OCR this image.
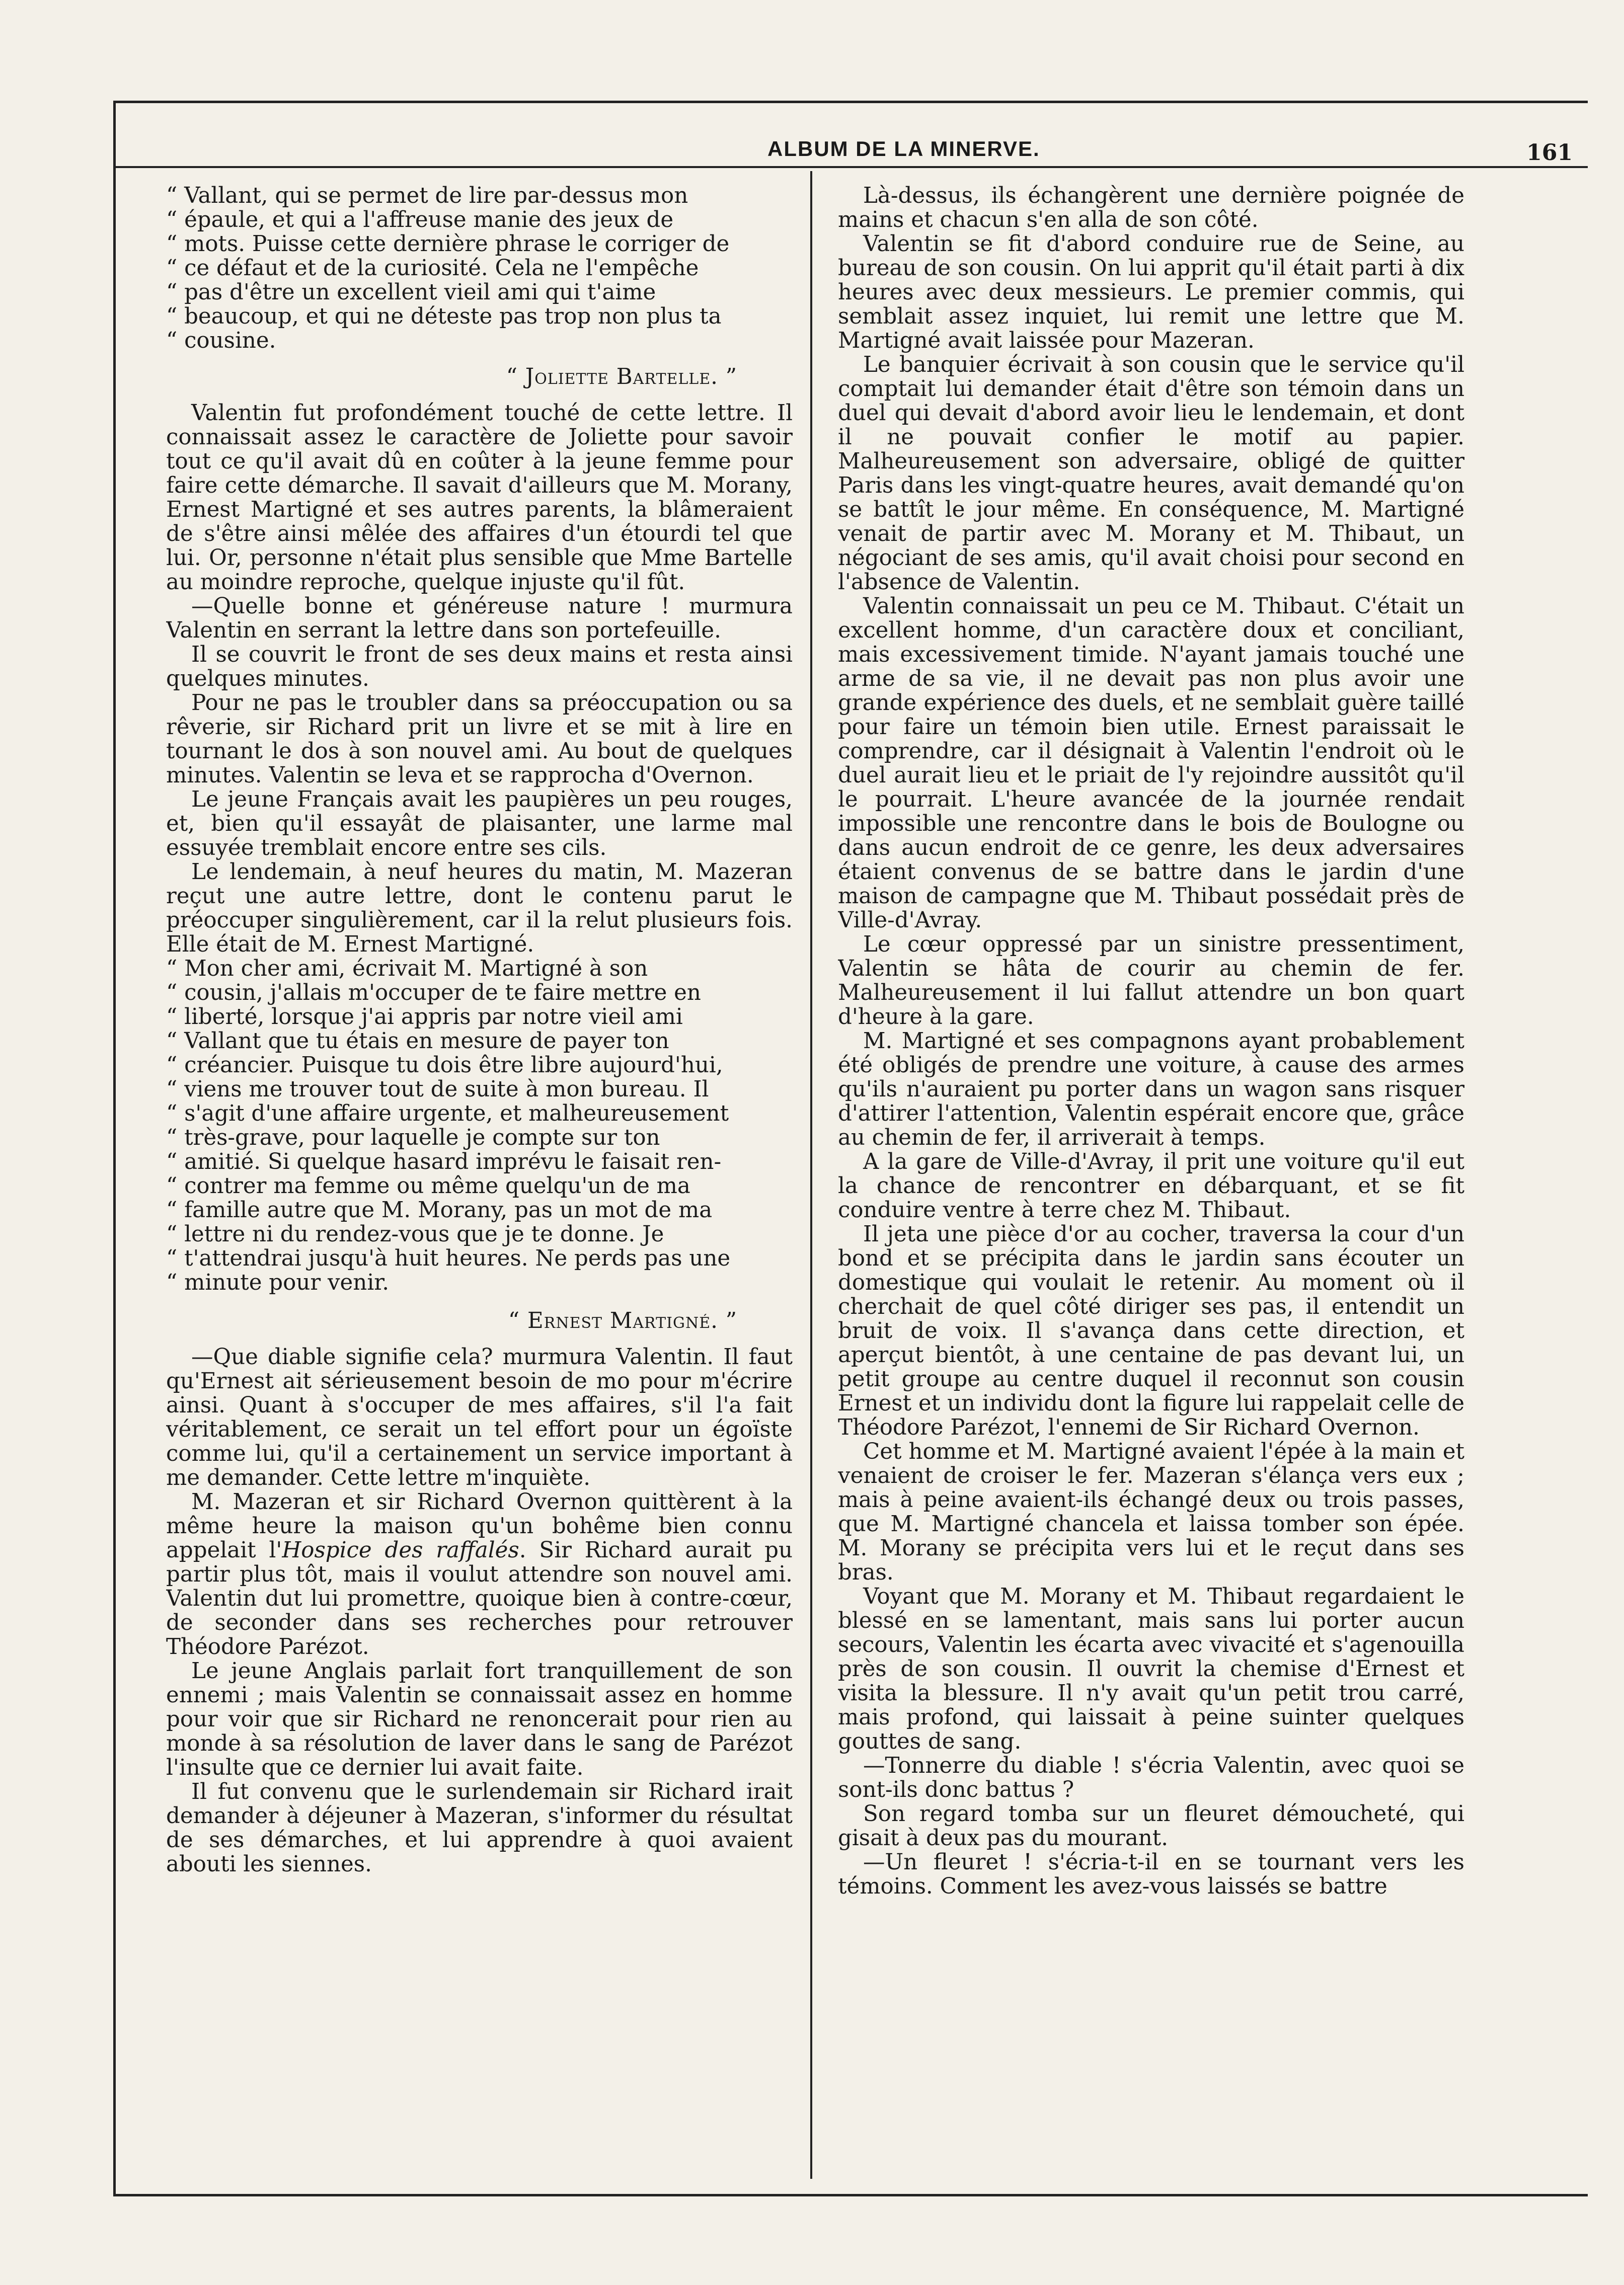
ALBUM DE LA MINERVE.	161

“ Vallant, qui se permet de lire par-dessus mon
“ épaule, et qui a l'affreuse manie des jeux de
“ mots. Puisse cette dernière phrase le corriger de
“ ce défaut et de la curiosité. Cela ne l'empêche
“ pas d'être un excellent vieil ami qui t'aime
“ beaucoup, et qui ne déteste pas trop non plus ta
“ cousine.

“ Joliette Bartelle. ”

Valentin fut profondément touché de cette lettre. Il connaissait assez le caractère de Joliette pour savoir tout ce qu'il avait dû en coûter à la jeune femme pour faire cette démarche. Il savait d'ailleurs que M. Morany, Ernest Martigné et ses autres parents, la blâmeraient de s'être ainsi mêlée des affaires d'un étourdi tel que lui. Or, personne n'était plus sensible que Mme Bartelle au moindre reproche, quelque injuste qu'il fût.

—Quelle bonne et généreuse nature ! murmura Valentin en serrant la lettre dans son portefeuille.

Il se couvrit le front de ses deux mains et resta ainsi quelques minutes.

Pour ne pas le troubler dans sa préoccupation ou sa rêverie, sir Richard prit un livre et se mit à lire en tournant le dos à son nouvel ami. Au bout de quelques minutes. Valentin se leva et se rapprocha d'Overnon.

Le jeune Français avait les paupières un peu rouges, et, bien qu'il essayât de plaisanter, une larme mal essuyée tremblait encore entre ses cils.

Le lendemain, à neuf heures du matin, M. Mazeran reçut une autre lettre, dont le contenu parut le préoccuper singulièrement, car il la relut plusieurs fois. Elle était de M. Ernest Martigné.

“ Mon cher ami, écrivait M. Martigné à son
“ cousin, j'allais m'occuper de te faire mettre en
“ liberté, lorsque j'ai appris par notre vieil ami
“ Vallant que tu étais en mesure de payer ton
“ créancier. Puisque tu dois être libre aujourd'hui,
“ viens me trouver tout de suite à mon bureau. Il
“ s'agit d'une affaire urgente, et malheureusement
“ très-grave, pour laquelle je compte sur ton
“ amitié. Si quelque hasard imprévu le faisait ren-
“ contrer ma femme ou même quelqu'un de ma
“ famille autre que M. Morany, pas un mot de ma
“ lettre ni du rendez-vous que je te donne. Je
“ t'attendrai jusqu'à huit heures. Ne perds pas une
“ minute pour venir.

“ Ernest Martigné. ”

—Que diable signifie cela? murmura Valentin. Il faut qu'Ernest ait sérieusement besoin de mo pour m'écrire ainsi. Quant à s'occuper de mes affaires, s'il l'a fait véritablement, ce serait un tel effort pour un égoïste comme lui, qu'il a certainement un service important à me demander. Cette lettre m'inquiète.

M. Mazeran et sir Richard Overnon quittèrent à la même heure la maison qu'un bohême bien connu appelait l'Hospice des raffalés. Sir Richard aurait pu partir plus tôt, mais il voulut attendre son nouvel ami. Valentin dut lui promettre, quoique bien à contre-cœur, de seconder dans ses recherches pour retrouver Théodore Parézot.

Le jeune Anglais parlait fort tranquillement de son ennemi ; mais Valentin se connaissait assez en homme pour voir que sir Richard ne renoncerait pour rien au monde à sa résolution de laver dans le sang de Parézot l'insulte que ce dernier lui avait faite.

Il fut convenu que le surlendemain sir Richard irait demander à déjeuner à Mazeran, s'informer du résultat de ses démarches, et lui apprendre à quoi avaient abouti les siennes.

Là-dessus, ils échangèrent une dernière poignée de mains et chacun s'en alla de son côté.

Valentin se fit d'abord conduire rue de Seine, au bureau de son cousin. On lui apprit qu'il était parti à dix heures avec deux messieurs. Le premier commis, qui semblait assez inquiet, lui remit une lettre que M. Martigné avait laissée pour Mazeran.

Le banquier écrivait à son cousin que le service qu'il comptait lui demander était d'être son témoin dans un duel qui devait d'abord avoir lieu le lendemain, et dont il ne pouvait confier le motif au papier. Malheureusement son adversaire, obligé de quitter Paris dans les vingt-quatre heures, avait demandé qu'on se battît le jour même. En conséquence, M. Martigné venait de partir avec M. Morany et M. Thibaut, un négociant de ses amis, qu'il avait choisi pour second en l'absence de Valentin.

Valentin connaissait un peu ce M. Thibaut. C'était un excellent homme, d'un caractère doux et conciliant, mais excessivement timide. N'ayant jamais touché une arme de sa vie, il ne devait pas non plus avoir une grande expérience des duels, et ne semblait guère taillé pour faire un témoin bien utile. Ernest paraissait le comprendre, car il désignait à Valentin l'endroit où le duel aurait lieu et le priait de l'y rejoindre aussitôt qu'il le pourrait. L'heure avancée de la journée rendait impossible une rencontre dans le bois de Boulogne ou dans aucun endroit de ce genre, les deux adversaires étaient convenus de se battre dans le jardin d'une maison de campagne que M. Thibaut possédait près de Ville-d'Avray.

Le cœur oppressé par un sinistre pressentiment, Valentin se hâta de courir au chemin de fer. Malheureusement il lui fallut attendre un bon quart d'heure à la gare.

M. Martigné et ses compagnons ayant probablement été obligés de prendre une voiture, à cause des armes qu'ils n'auraient pu porter dans un wagon sans risquer d'attirer l'attention, Valentin espérait encore que, grâce au chemin de fer, il arriverait à temps.

A la gare de Ville-d'Avray, il prit une voiture qu'il eut la chance de rencontrer en débarquant, et se fit conduire ventre à terre chez M. Thibaut.

Il jeta une pièce d'or au cocher, traversa la cour d'un bond et se précipita dans le jardin sans écouter un domestique qui voulait le retenir. Au moment où il cherchait de quel côté diriger ses pas, il entendit un bruit de voix. Il s'avança dans cette direction, et aperçut bientôt, à une centaine de pas devant lui, un petit groupe au centre duquel il reconnut son cousin Ernest et un individu dont la figure lui rappelait celle de Théodore Parézot, l'ennemi de Sir Richard Overnon.

Cet homme et M. Martigné avaient l'épée à la main et venaient de croiser le fer. Mazeran s'élança vers eux ; mais à peine avaient-ils échangé deux ou trois passes, que M. Martigné chancela et laissa tomber son épée. M. Morany se précipita vers lui et le reçut dans ses bras.

Voyant que M. Morany et M. Thibaut regardaient le blessé en se lamentant, mais sans lui porter aucun secours, Valentin les écarta avec vivacité et s'agenouilla près de son cousin. Il ouvrit la chemise d'Ernest et visita la blessure. Il n'y avait qu'un petit trou carré, mais profond, qui laissait à peine suinter quelques gouttes de sang.

—Tonnerre du diable ! s'écria Valentin, avec quoi se sont-ils donc battus ?

Son regard tomba sur un fleuret démoucheté, qui gisait à deux pas du mourant.

—Un fleuret ! s'écria-t-il en se tournant vers les témoins. Comment les avez-vous laissés se battre
